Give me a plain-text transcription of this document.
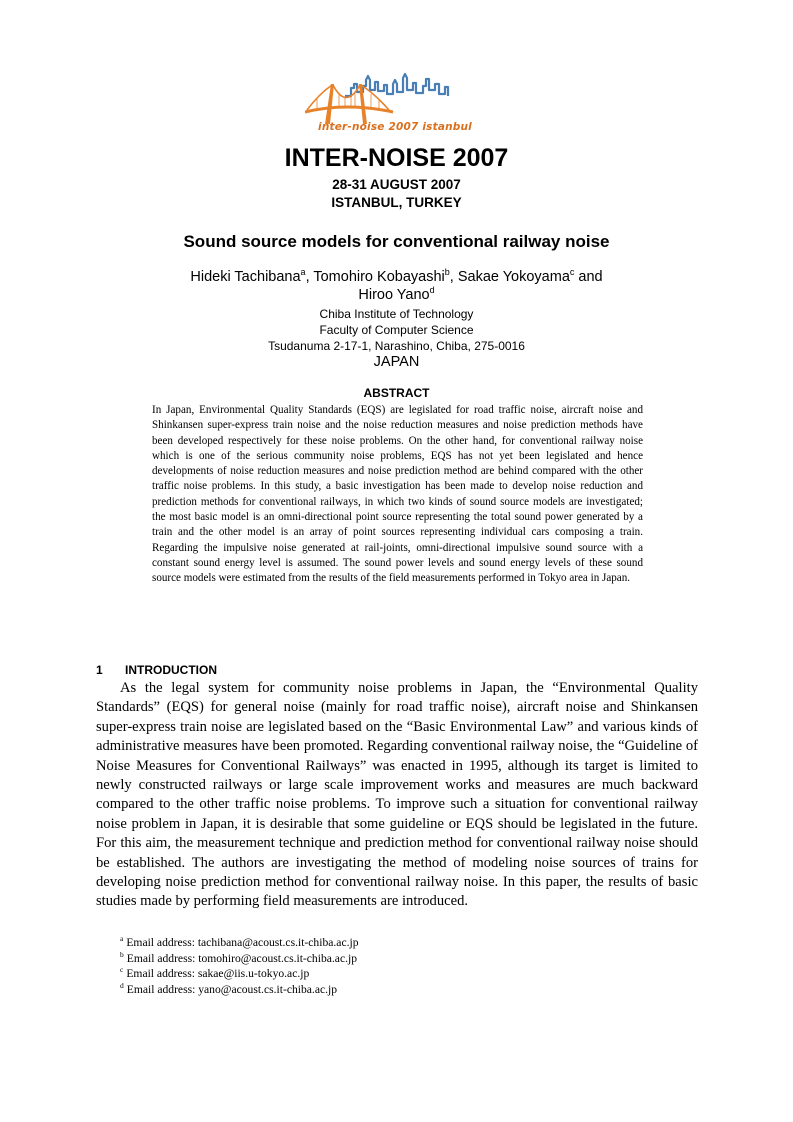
inter-noise 2007 istanbul
INTER-NOISE 2007
28-31 AUGUST 2007
ISTANBUL, TURKEY
Sound source models for conventional railway noise
Hideki Tachibana$^a$, Tomohiro Kobayashi$^b$, Sakae Yokoyama$^c$ and
Hiroo Yano$^d$
Chiba Institute of Technology
Faculty of Computer Science
Tsudanuma 2-17-1, Narashino, Chiba, 275-0016
JAPAN
ABSTRACT

In Japan, Environmental Quality Standards (EQS) are legislated for road traffic noise, aircraft noise and Shinkansen super-express train noise and the noise reduction measures and noise prediction methods have been developed respectively for these noise problems. On the other hand, for conventional railway noise which is one of the serious community noise problems, EQS has not yet been legislated and hence developments of noise reduction measures and noise prediction method are behind compared with the other traffic noise problems. In this study, a basic investigation has been made to develop noise reduction and prediction methods for conventional railways, in which two kinds of sound source models are investigated; the most basic model is an omni-directional point source representing the total sound power generated by a train and the other model is an array of point sources representing individual cars composing a train. Regarding the impulsive noise generated at rail-joints, omni-directional impulsive sound source with a constant sound energy level is assumed. The sound power levels and sound energy levels of these sound source models were estimated from the results of the field measurements performed in Tokyo area in Japan.

1 INTRODUCTION

As the legal system for community noise problems in Japan, the “Environmental Quality Standards” (EQS) for general noise (mainly for road traffic noise), aircraft noise and Shinkansen super-express train noise are legislated based on the “Basic Environmental Law” and various kinds of administrative measures have been promoted. Regarding conventional railway noise, the “Guideline of Noise Measures for Conventional Railways” was enacted in 1995, although its target is limited to newly constructed railways or large scale improvement works and measures are much backward compared to the other traffic noise problems. To improve such a situation for conventional railway noise problem in Japan, it is desirable that some guideline or EQS should be legislated in the future. For this aim, the measurement technique and prediction method for conventional railway noise should be established. The authors are investigating the method of modeling noise sources of trains for developing noise prediction method for conventional railway noise. In this paper, the results of basic studies made by performing field measurements are introduced.

$^a$ Email address: tachibana@acoust.cs.it-chiba.ac.jp
$^b$ Email address: tomohiro@acoust.cs.it-chiba.ac.jp
$^c$ Email address: sakae@iis.u-tokyo.ac.jp
$^d$ Email address: yano@acoust.cs.it-chiba.ac.jp
